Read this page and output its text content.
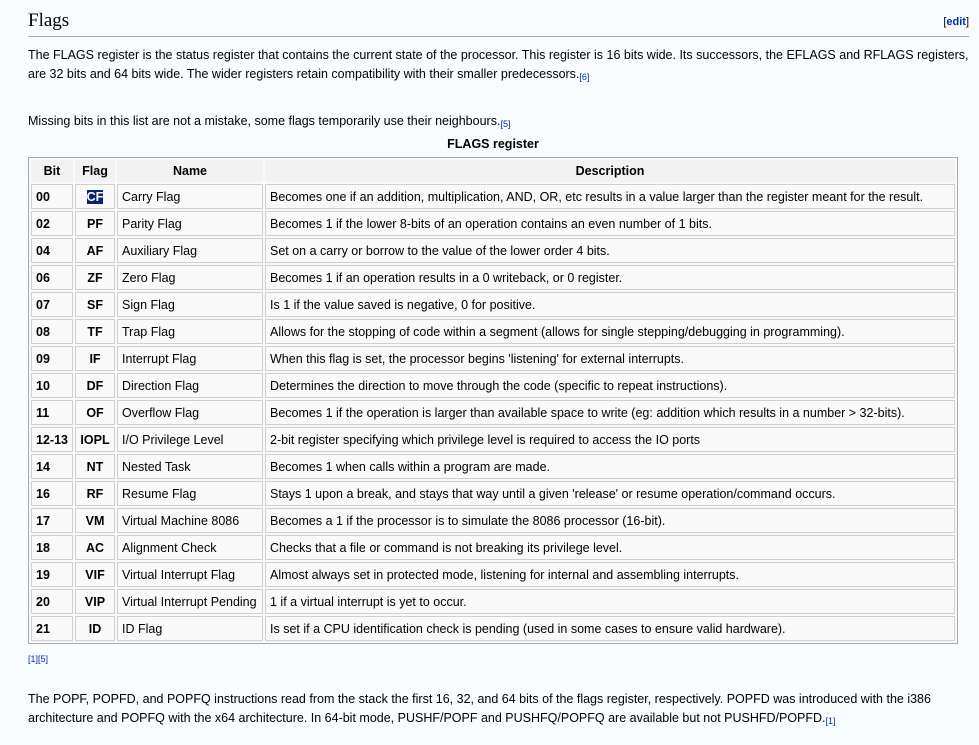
Flags	[edit]

The FLAGS register is the status register that contains the current state of the processor. This register is 16 bits wide. Its successors, the EFLAGS and RFLAGS registers, are 32 bits and 64 bits wide. The wider registers retain compatibility with their smaller predecessors.[6]

Missing bits in this list are not a mistake, some flags temporarily use their neighbours.[5]

FLAGS register
Bit	Flag	Name	Description
00	CF	Carry Flag	Becomes one if an addition, multiplication, AND, OR, etc results in a value larger than the register meant for the result.
02	PF	Parity Flag	Becomes 1 if the lower 8-bits of an operation contains an even number of 1 bits.
04	AF	Auxiliary Flag	Set on a carry or borrow to the value of the lower order 4 bits.
06	ZF	Zero Flag	Becomes 1 if an operation results in a 0 writeback, or 0 register.
07	SF	Sign Flag	Is 1 if the value saved is negative, 0 for positive.
08	TF	Trap Flag	Allows for the stopping of code within a segment (allows for single stepping/debugging in programming).
09	IF	Interrupt Flag	When this flag is set, the processor begins 'listening' for external interrupts.
10	DF	Direction Flag	Determines the direction to move through the code (specific to repeat instructions).
11	OF	Overflow Flag	Becomes 1 if the operation is larger than available space to write (eg: addition which results in a number > 32-bits).
12-13	IOPL	I/O Privilege Level	2-bit register specifying which privilege level is required to access the IO ports
14	NT	Nested Task	Becomes 1 when calls within a program are made.
16	RF	Resume Flag	Stays 1 upon a break, and stays that way until a given 'release' or resume operation/command occurs.
17	VM	Virtual Machine 8086	Becomes a 1 if the processor is to simulate the 8086 processor (16-bit).
18	AC	Alignment Check	Checks that a file or command is not breaking its privilege level.
19	VIF	Virtual Interrupt Flag	Almost always set in protected mode, listening for internal and assembling interrupts.
20	VIP	Virtual Interrupt Pending	1 if a virtual interrupt is yet to occur.
21	ID	ID Flag	Is set if a CPU identification check is pending (used in some cases to ensure valid hardware).
[1][5]

The POPF, POPFD, and POPFQ instructions read from the stack the first 16, 32, and 64 bits of the flags register, respectively. POPFD was introduced with the i386 architecture and POPFQ with the x64 architecture. In 64-bit mode, PUSHF/POPF and PUSHFQ/POPFQ are available but not PUSHFD/POPFD.[1]
